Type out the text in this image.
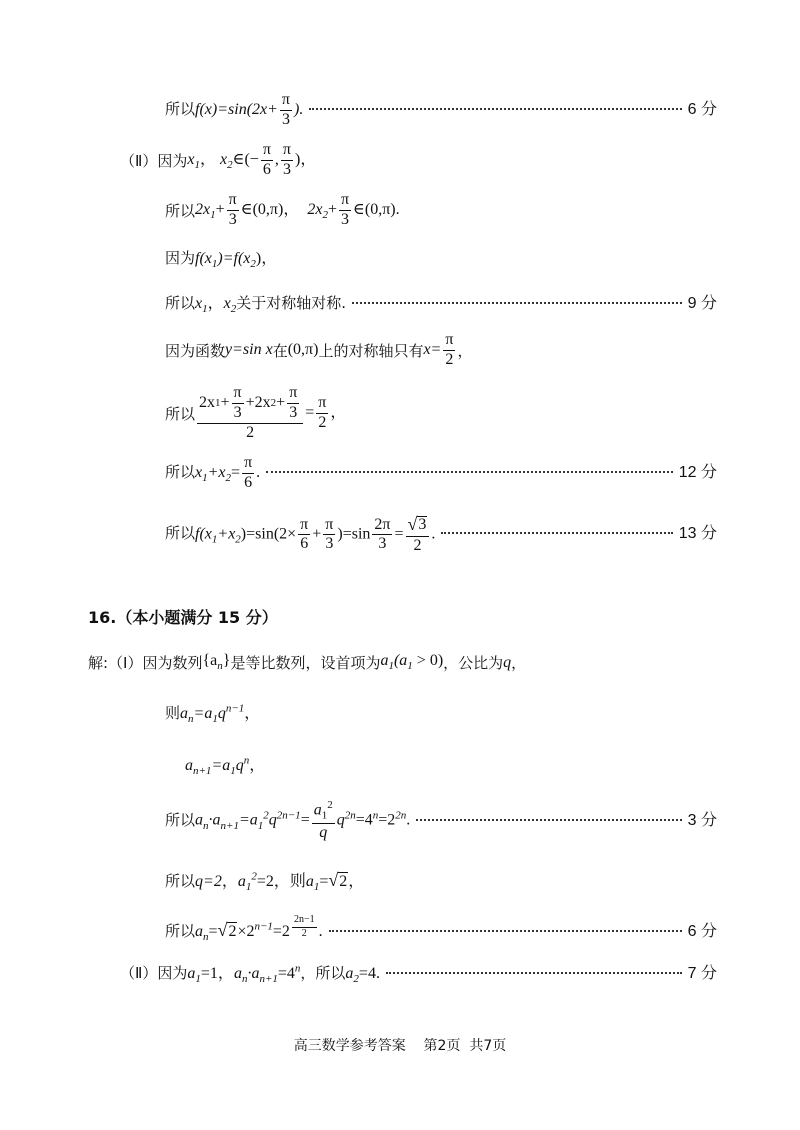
所以 $f(x)=\sin(2x+ \frac{\pi}{3}$ ).	6 分
（Ⅱ）因为 $x_1$， $x_2\in(- \frac{\pi}{6}$ , $\frac{\pi}{3}$ )，
所以 $2x_1+ \frac{\pi}{3}$ ∈(0,π)， $2x_2+ \frac{\pi}{3}$ ∈(0,π).
因为 $f(x_1)=f(x_2)$，
所以 $x_1$，$x_2$ 关于对称轴对称.	9 分
因为函数 y=sin x 在 (0,π) 上的对称轴只有 $x= \frac{\pi}{2}$ ，
所以 $\frac{2x 1 + \frac{\pi}{3} +2x 2 + \frac{\pi}{3}}{2} = \frac{\pi}{2}$ ，
所以 $x_1+x_2= \frac{\pi}{6}$ .	12 分
所以 $f(x_1+x_2)=\sin(2\times \frac{\pi}{6} + \frac{\pi}{3} )=\sin \frac{2\pi}{3} = \frac{√ 3}{2}$ .	13 分
16.（本小题满分 15 分）
解:（Ⅰ）因为数列 $\{a_n\}$ 是等比数列，设首项为 $a_1(a_1 > 0)$ ，公比为 q ，
则 $a_n=a_1q^{n-1}$，
$a_{n+1}=a_1q^n$，
所以 $a_n\cdot a_{n+1}=a_1^2q^{2n-1}= \frac{a_1^2}{q} q^{2n}=4^n=2^{2n}$.	3 分
所以 q=2，$a_1^2=2$，则$a_1=$ √ 2 ，
所以 $a_n=$ √ $2 \times 2^{n-1}=2$ $^{\frac{2n-1}{2}}$ .	6 分
（Ⅱ）因为 $a_1=1$，$a_n\cdot a_{n+1}=4^n$ ，所以 $a_2=4$.	7 分
高三数学参考答案    第2页  共7页
